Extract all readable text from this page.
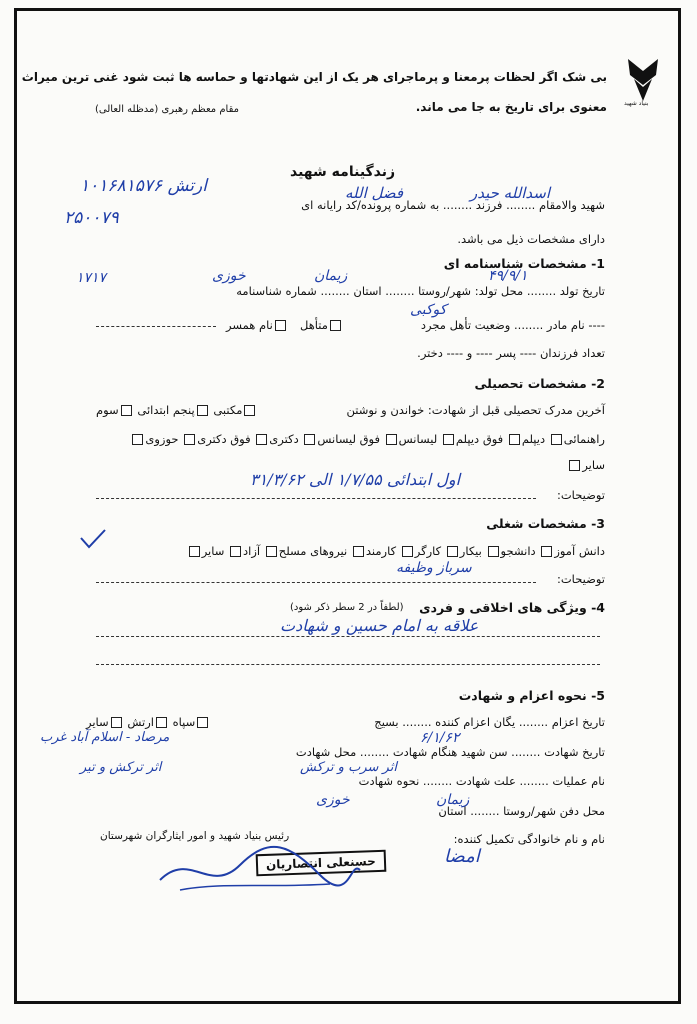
بنیاد شهید
بی شک اگر لحظات پرمعنا و پرماجرای هر یک از این شهادتها و حماسه ها ثبت شود غنی ترین میراث
معنوی برای تاریخ به جا می ماند.
مقام معظم رهبری (مدظله العالی)
زندگینامه شهید
شهید والامقام ........ فرزند ........ به شماره پرونده/کد رایانه ای
اسدالله حیدر
فضل الله
۱۰۱۶۸۱۵۷۶ ارتش
۲۵۰۰۷۹
دارای مشخصات ذیل می باشد.
1- مشخصات شناسنامه ای
تاریخ تولد ........ محل تولد: شهر/روستا ........ استان ........ شماره شناسنامه
۴۹/۹/۱
زیمان
خوزی
۱۷۱۷
---- نام مادر ........ وضعیت تأهل مجرد
کوکبی
متأهل
نام همسر
تعداد فرزندان ---- پسر ---- و ---- دختر.
2- مشخصات تحصیلی
آخرین مدرک تحصیلی قبل از شهادت: خواندن و نوشتن
مکتبی پنجم ابتدائی سوم
راهنمائی دیپلم فوق دیپلم لیسانس فوق لیسانس دکتری فوق دکتری حوزوی
سایر
توضیحات:
اول ابتدائی ۱/۷/۵۵ الی ۳۱/۳/۶۲
3- مشخصات شغلی
دانش آموز دانشجو بیکار کارگر کارمند نیروهای مسلح آزاد سایر
توضیحات:
سرباز وظیفه
4- ویژگی های اخلاقی و فردی
(لطفاً در 2 سطر ذکر شود)
علاقه به امام حسین و شهادت
5- نحوه اعزام و شهادت
تاریخ اعزام ........ یگان اعزام کننده ........ بسیج
سپاه ارتش سایر
تاریخ شهادت ........ سن شهید هنگام شهادت ........ محل شهادت
۶/۱/۶۲
مرصاد - اسلام آباد غرب
نام عملیات ........ علت شهادت ........ نحوه شهادت
اثر سرب و ترکش
اثر ترکش و تیر
محل دفن شهر/روستا ........ استان
زیمان
خوزی
نام و نام خانوادگی تکمیل کننده:
امضا
رئیس بنیاد شهید و امور ایثارگران شهرستان
حسنعلی انتصاریان
